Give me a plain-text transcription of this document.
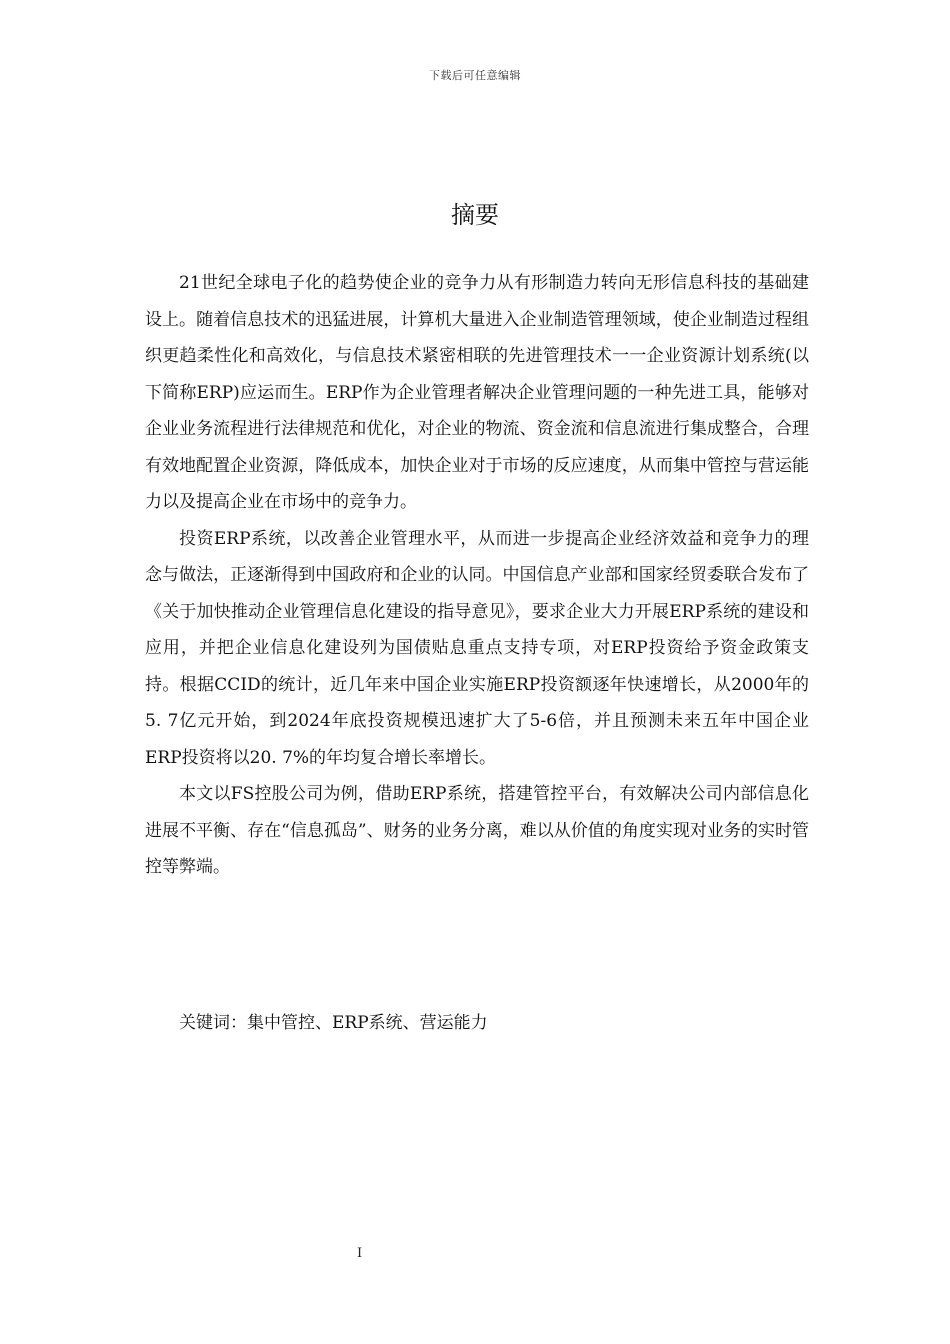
下载后可任意编辑
摘要

21世纪全球电子化的趋势使企业的竞争力从有形制造力转向无形信息科技的基础建设上。随着信息技术的迅猛进展，计算机大量进入企业制造管理领域，使企业制造过程组织更趋柔性化和高效化，与信息技术紧密相联的先进管理技术一一企业资源计划系统(以下简称ERP)应运而生。ERP作为企业管理者解决企业管理问题的一种先进工具，能够对企业业务流程进行法律规范和优化，对企业的物流、资金流和信息流进行集成整合，合理有效地配置企业资源，降低成本，加快企业对于市场的反应速度，从而集中管控与营运能力以及提高企业在市场中的竞争力。

投资ERP系统，以改善企业管理水平，从而进一步提高企业经济效益和竞争力的理念与做法，正逐渐得到中国政府和企业的认同。中国信息产业部和国家经贸委联合发布了《关于加快推动企业管理信息化建设的指导意见》，要求企业大力开展ERP系统的建设和应用，并把企业信息化建设列为国债贴息重点支持专项，对ERP投资给予资金政策支持。根据CCID的统计，近几年来中国企业实施ERP投资额逐年快速增长，从2000年的5. 7亿元开始，到2024年底投资规模迅速扩大了5-6倍，并且预测未来五年中国企业ERP投资将以20. 7%的年均复合增长率增长。

本文以FS控股公司为例，借助ERP系统，搭建管控平台，有效解决公司内部信息化进展不平衡、存在“信息孤岛”、财务的业务分离，难以从价值的角度实现对业务的实时管控等弊端。

关键词：集中管控、ERP系统、营运能力
I
